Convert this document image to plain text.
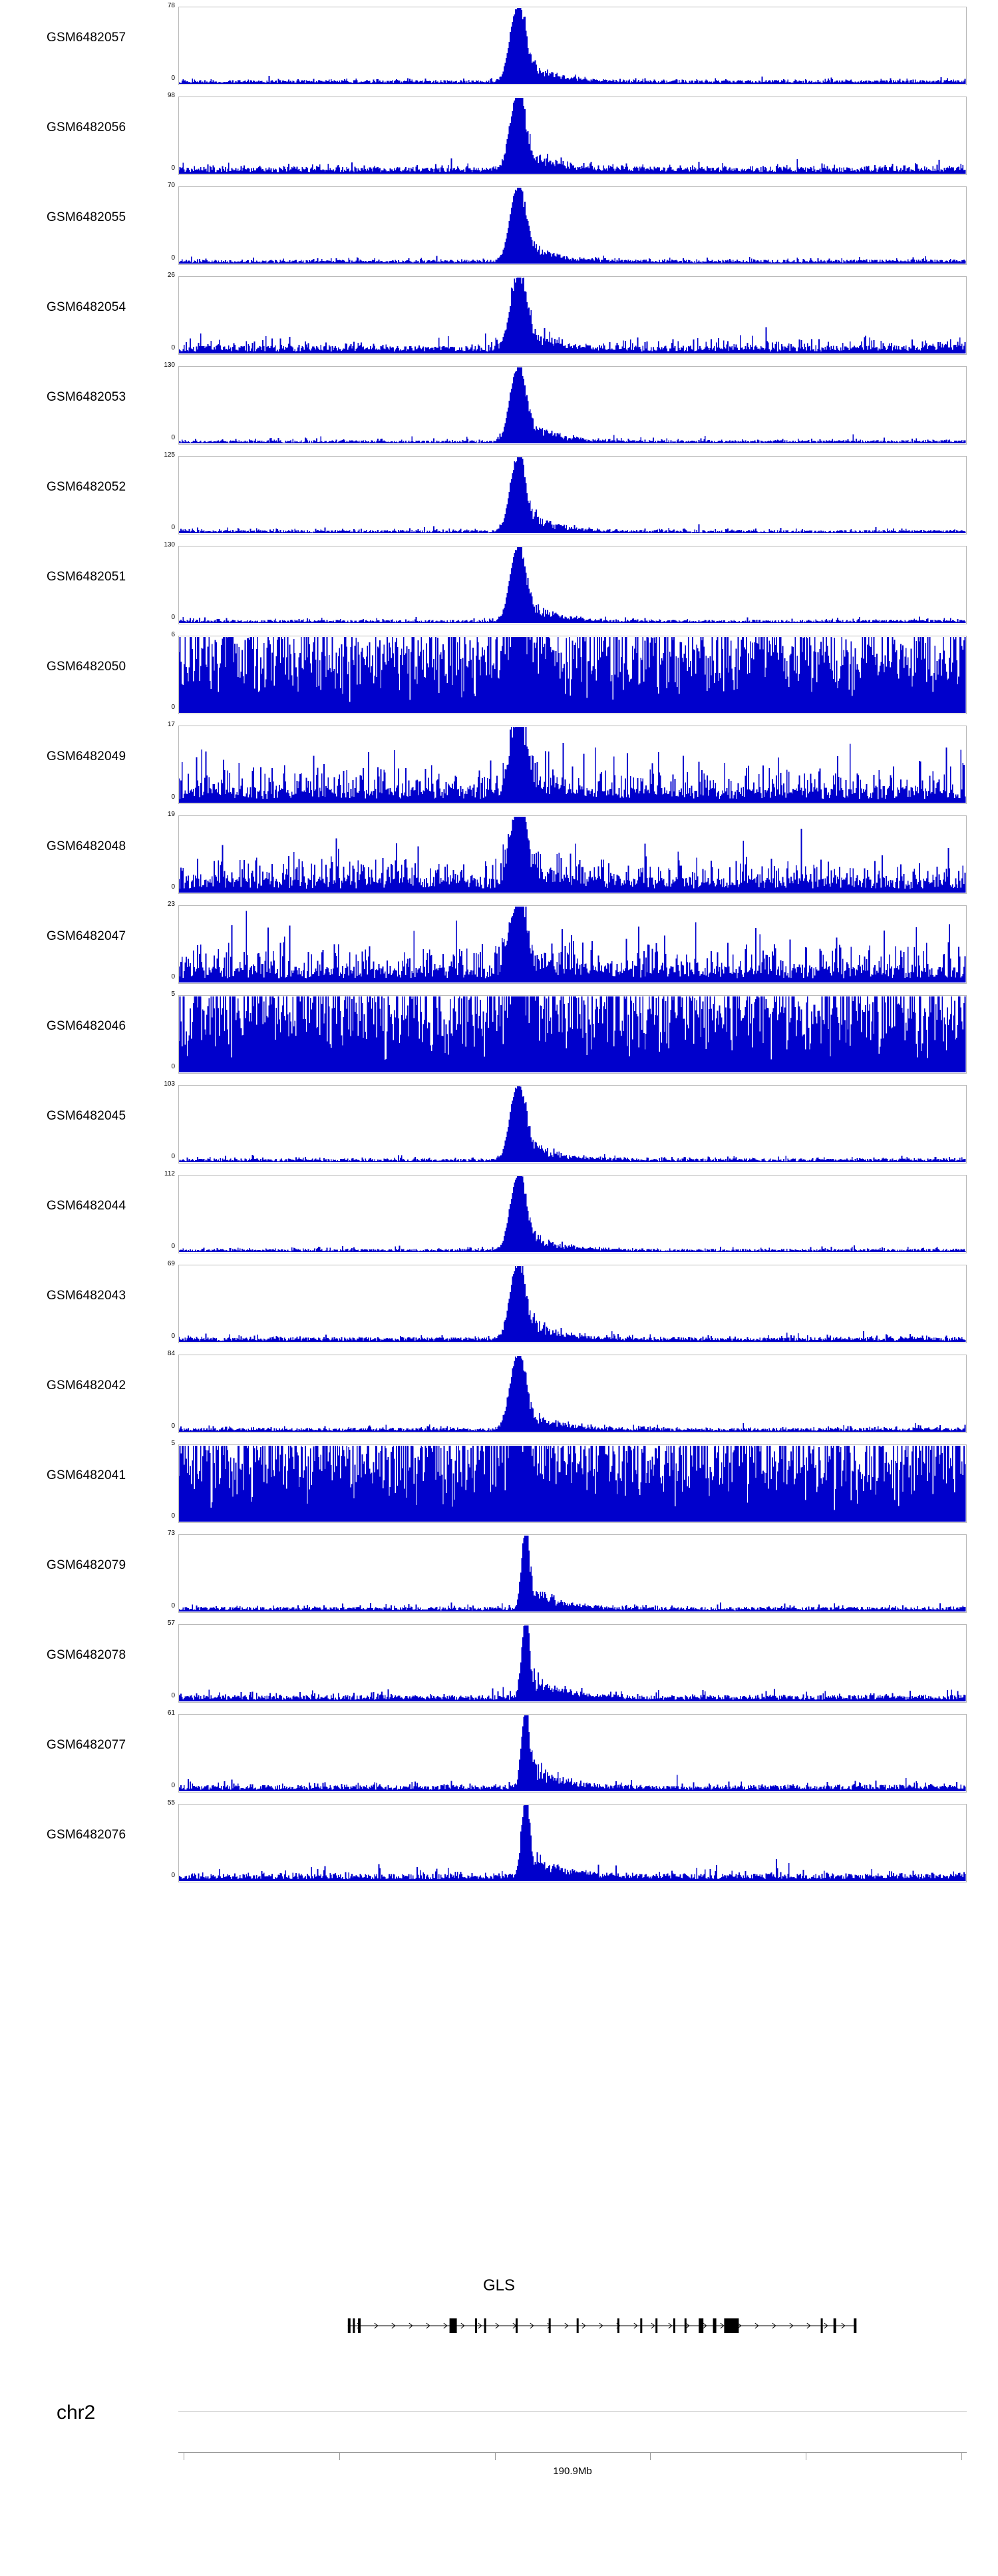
GSM6482057
78
0
GSM6482056
98
0
GSM6482055
70
0
GSM6482054
26
0
GSM6482053
130
0
GSM6482052
125
0
GSM6482051
130
0
GSM6482050
6
0
GSM6482049
17
0
GSM6482048
19
0
GSM6482047
23
0
GSM6482046
5
0
GSM6482045
103
0
GSM6482044
112
0
GSM6482043
69
0
GSM6482042
84
0
GSM6482041
5
0
GSM6482079
73
0
GSM6482078
57
0
GSM6482077
61
0
GSM6482076
55
0
GLS
chr2
190.9Mb
